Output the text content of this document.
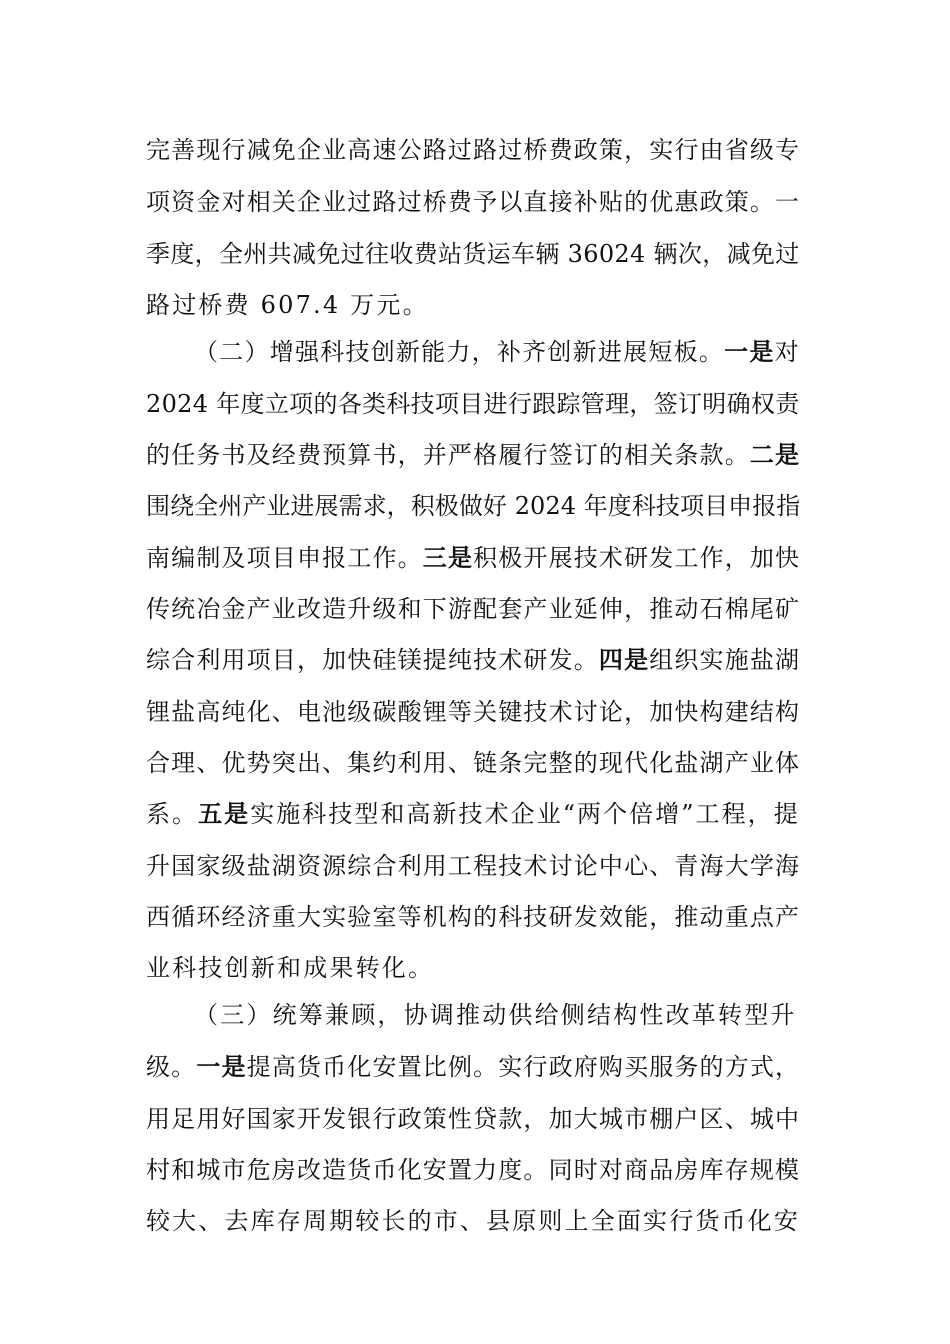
完善现行减免企业高速公路过路过桥费政策，实行由省级专
项资金对相关企业过路过桥费予以直接补贴的优惠政策。一
季度，全州共减免过往收费站货运车辆 36024 辆次，减免过
路过桥费 607.4 万元。
（二）增强科技创新能力，补齐创新进展短板。一是对
2024 年度立项的各类科技项目进行跟踪管理，签订明确权责
的任务书及经费预算书，并严格履行签订的相关条款。二是
围绕全州产业进展需求，积极做好 2024 年度科技项目申报指
南编制及项目申报工作。三是积极开展技术研发工作，加快
传统冶金产业改造升级和下游配套产业延伸，推动石棉尾矿
综合利用项目，加快硅镁提纯技术研发。四是组织实施盐湖
锂盐高纯化、电池级碳酸锂等关键技术讨论，加快构建结构
合理、优势突出、集约利用、链条完整的现代化盐湖产业体
系。五是实施科技型和高新技术企业“两个倍增”工程，提
升国家级盐湖资源综合利用工程技术讨论中心、青海大学海
西循环经济重大实验室等机构的科技研发效能，推动重点产
业科技创新和成果转化。
（三）统筹兼顾，协调推动供给侧结构性改革转型升
级。一是提高货币化安置比例。实行政府购买服务的方式，
用足用好国家开发银行政策性贷款，加大城市棚户区、城中
村和城市危房改造货币化安置力度。同时对商品房库存规模
较大、去库存周期较长的市、县原则上全面实行货币化安
